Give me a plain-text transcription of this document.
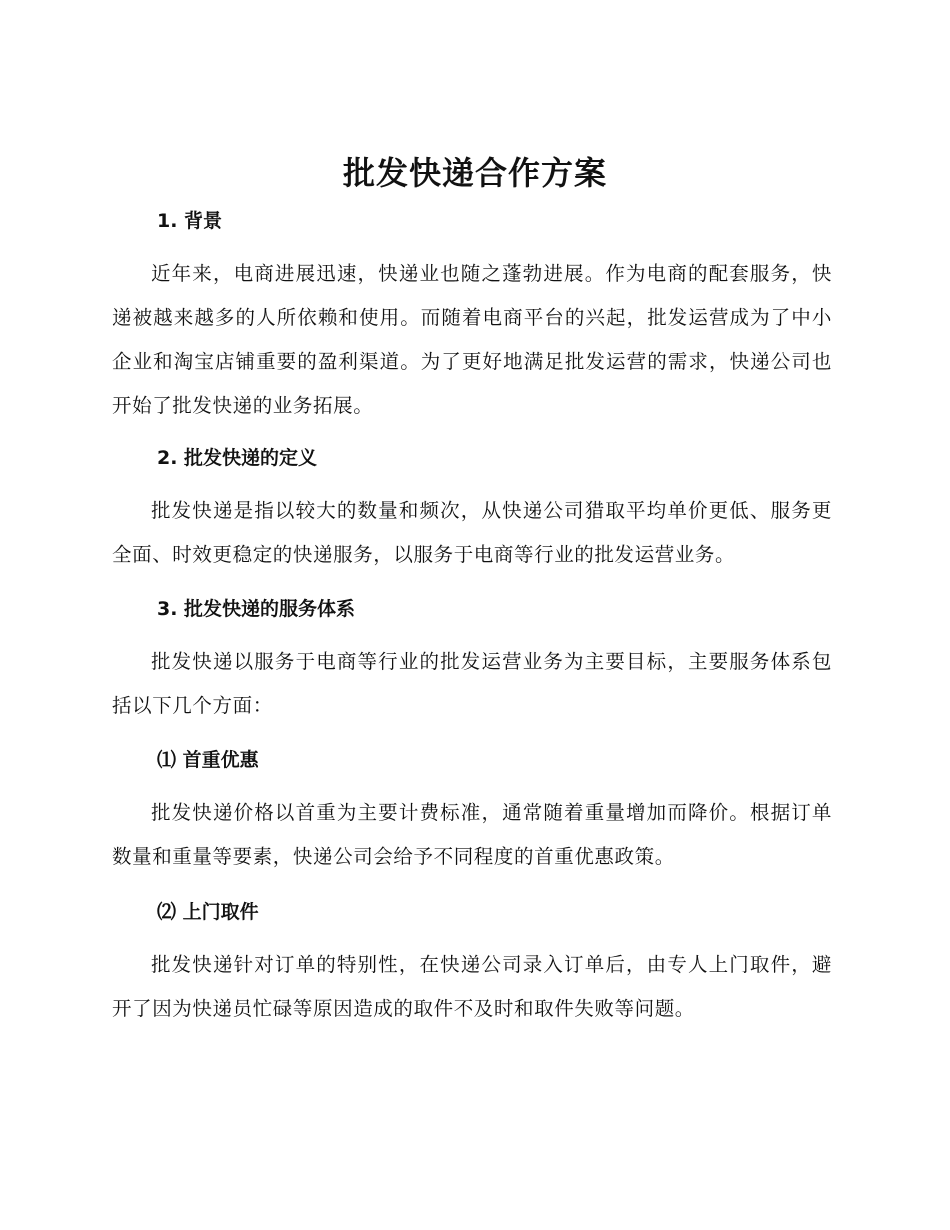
批发快递合作方案
1. 背景

近年来，电商进展迅速，快递业也随之蓬勃进展。作为电商的配套服务，快递被越来越多的人所依赖和使用。而随着电商平台的兴起，批发运营成为了中小企业和淘宝店铺重要的盈利渠道。为了更好地满足批发运营的需求，快递公司也开始了批发快递的业务拓展。

2. 批发快递的定义

批发快递是指以较大的数量和频次，从快递公司猎取平均单价更低、服务更全面、时效更稳定的快递服务，以服务于电商等行业的批发运营业务。

3. 批发快递的服务体系

批发快递以服务于电商等行业的批发运营业务为主要目标，主要服务体系包括以下几个方面：

⑴ 首重优惠

批发快递价格以首重为主要计费标准，通常随着重量增加而降价。根据订单数量和重量等要素，快递公司会给予不同程度的首重优惠政策。

⑵ 上门取件

批发快递针对订单的特别性，在快递公司录入订单后，由专人上门取件，避开了因为快递员忙碌等原因造成的取件不及时和取件失败等问题。
